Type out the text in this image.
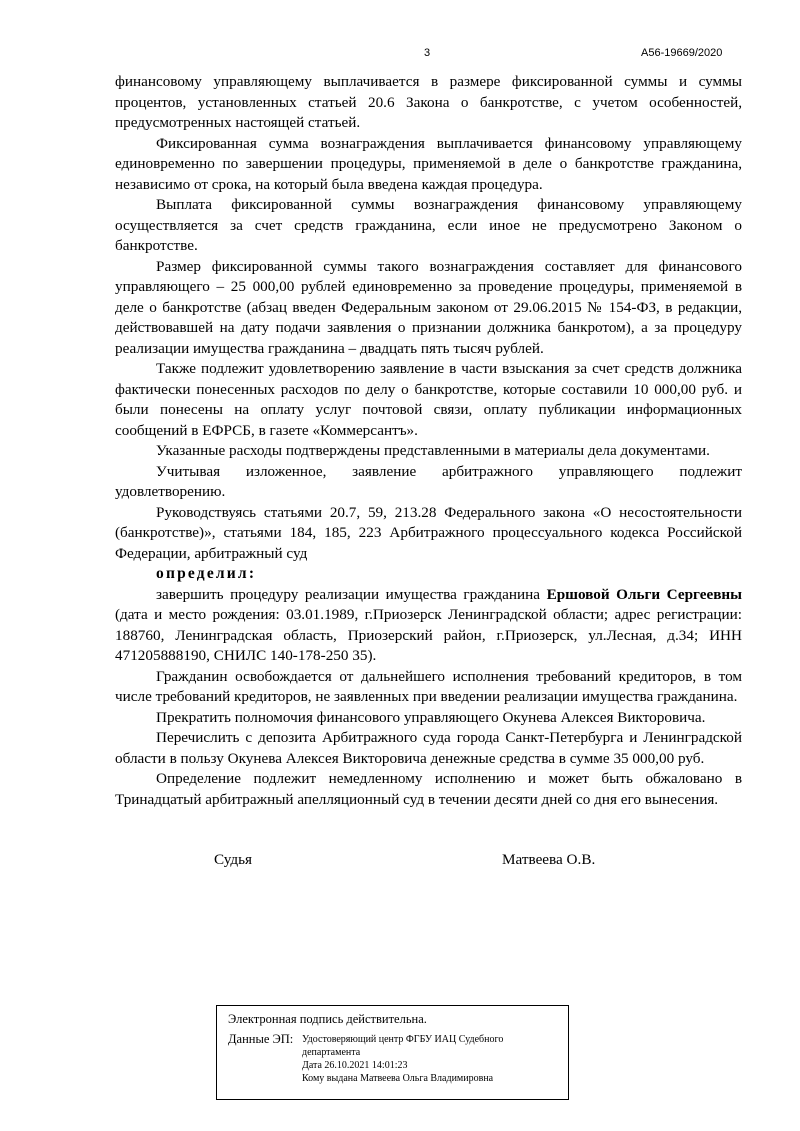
3	А56-19669/2020

финансовому управляющему выплачивается в размере фиксированной суммы и суммы процентов, установленных статьей 20.6 Закона о банкротстве, с учетом особенностей, предусмотренных настоящей статьей.

Фиксированная сумма вознаграждения выплачивается финансовому управляющему единовременно по завершении процедуры, применяемой в деле о банкротстве гражданина, независимо от срока, на который была введена каждая процедура.

Выплата фиксированной суммы вознаграждения финансовому управляющему осуществляется за счет средств гражданина, если иное не предусмотрено Законом о банкротстве.

Размер фиксированной суммы такого вознаграждения составляет для финансового управляющего – 25 000,00 рублей единовременно за проведение процедуры, применяемой в деле о банкротстве (абзац введен Федеральным законом от 29.06.2015 № 154-ФЗ, в редакции, действовавшей на дату подачи заявления о признании должника банкротом), а за процедуру реализации имущества гражданина – двадцать пять тысяч рублей.

Также подлежит удовлетворению заявление в части взыскания за счет средств должника фактически понесенных расходов по делу о банкротстве, которые составили 10 000,00 руб. и были понесены на оплату услуг почтовой связи, оплату публикации информационных сообщений в ЕФРСБ, в газете «Коммерсантъ».

Указанные расходы подтверждены представленными в материалы дела документами.

Учитывая изложенное, заявление арбитражного управляющего подлежит удовлетворению.

Руководствуясь статьями 20.7, 59, 213.28 Федерального закона «О несостоятельности (банкротстве)», статьями 184, 185, 223 Арбитражного процессуального кодекса Российской Федерации, арбитражный суд

определил:

завершить процедуру реализации имущества гражданина Ершовой Ольги Сергеевны (дата и место рождения: 03.01.1989, г.Приозерск Ленинградской области; адрес регистрации: 188760, Ленинградская область, Приозерский район, г.Приозерск, ул.Лесная, д.34; ИНН 471205888190, СНИЛС 140-178-250 35).

Гражданин освобождается от дальнейшего исполнения требований кредиторов, в том числе требований кредиторов, не заявленных при введении реализации имущества гражданина.

Прекратить полномочия финансового управляющего Окунева Алексея Викторовича.

Перечислить с депозита Арбитражного суда города Санкт-Петербурга и Ленинградской области в пользу Окунева Алексея Викторовича денежные средства в сумме 35 000,00 руб.

Определение подлежит немедленному исполнению и может быть обжаловано в Тринадцатый арбитражный апелляционный суд в течении десяти дней со дня его вынесения.

Судья	Матвеева О.В.
Электронная подпись действительна.
Данные ЭП: Удостоверяющий центр ФГБУ ИАЦ Судебного
департамента
Дата 26.10.2021 14:01:23
Кому выдана Матвеева Ольга Владимировна
